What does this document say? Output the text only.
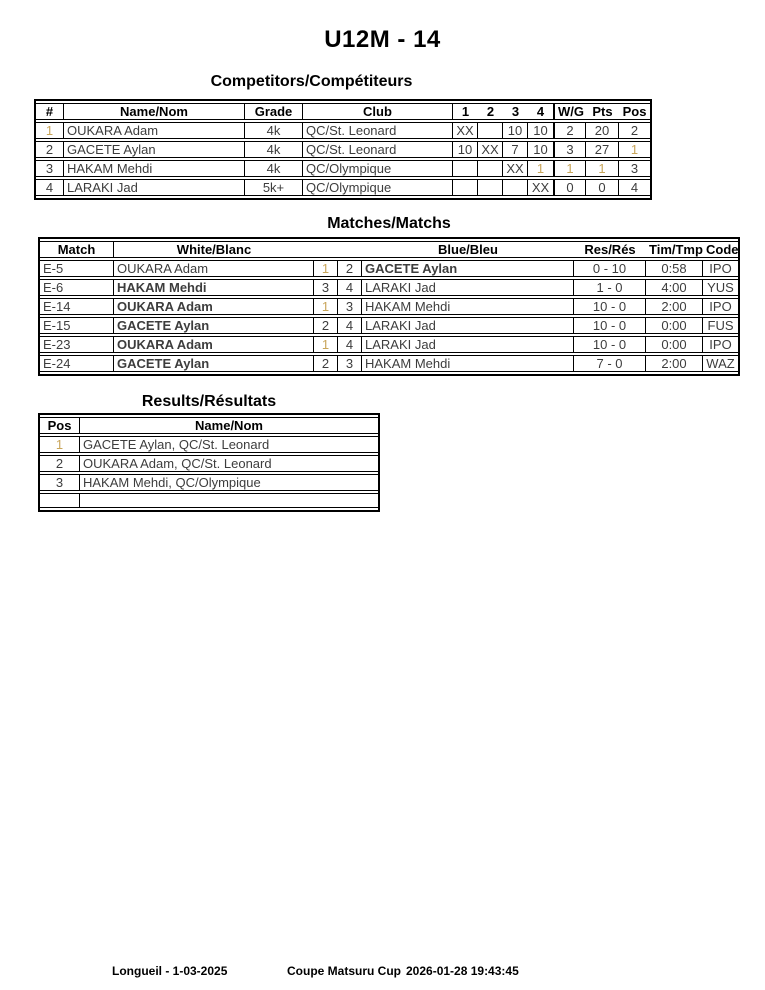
U12M - 14
Competitors/Compétiteurs
#	Name/Nom	Grade	Club	1	2	3	4	W/G	Pts	Pos
1	OUKARA Adam	4k	QC/St. Leonard	XX		10	10	2	20	2
2	GACETE Aylan	4k	QC/St. Leonard	10	XX	7	10	3	27	1
3	HAKAM Mehdi	4k	QC/Olympique			XX	1	1	1	3
4	LARAKI Jad	5k+	QC/Olympique				XX	0	0	4
Matches/Matchs
Match	White/Blanc			Blue/Bleu	Res/Rés	Tim/Tmp	Code
E-5	OUKARA Adam	1	2	GACETE Aylan	0 - 10	0:58	IPO
E-6	HAKAM Mehdi	3	4	LARAKI Jad	1 - 0	4:00	YUS
E-14	OUKARA Adam	1	3	HAKAM Mehdi	10 - 0	2:00	IPO
E-15	GACETE Aylan	2	4	LARAKI Jad	10 - 0	0:00	FUS
E-23	OUKARA Adam	1	4	LARAKI Jad	10 - 0	0:00	IPO
E-24	GACETE Aylan	2	3	HAKAM Mehdi	7 - 0	2:00	WAZ
Results/Résultats
Pos	Name/Nom
1	GACETE Aylan, QC/St. Leonard
2	OUKARA Adam, QC/St. Leonard
3	HAKAM Mehdi, QC/Olympique

Longueil - 1-03-2025	Coupe Matsuru Cup 2026-01-28 19:43:45
